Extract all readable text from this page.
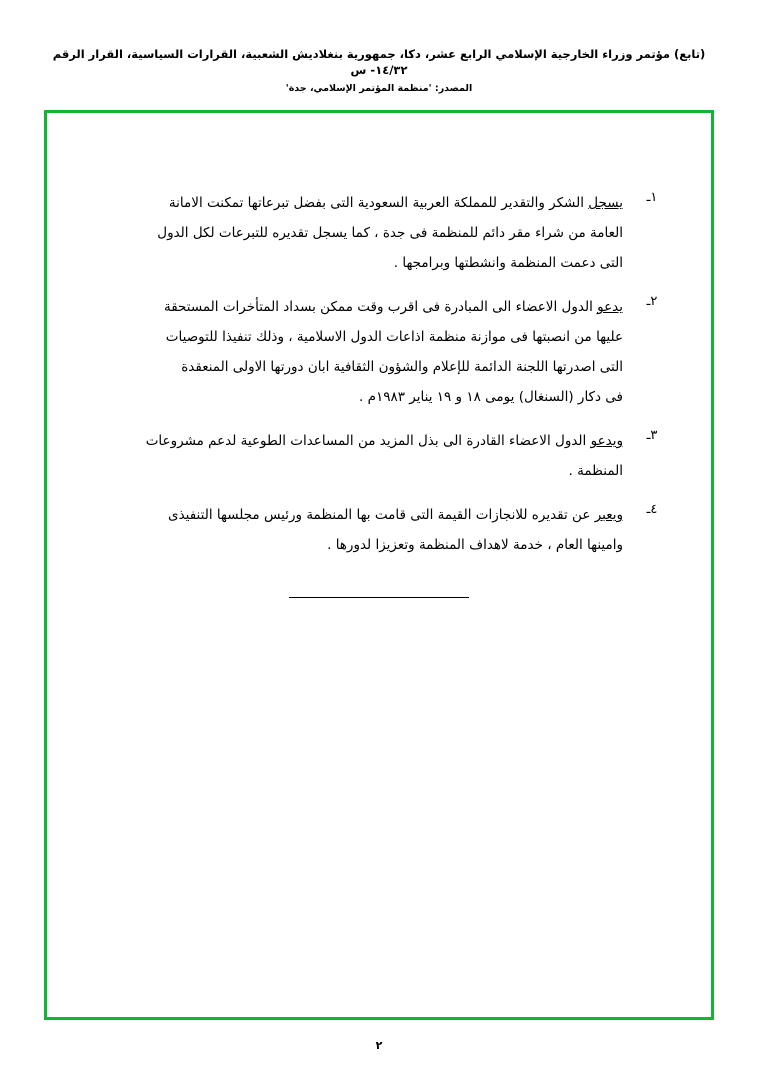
(تابع) مؤتمر وزراء الخارجية الإسلامي الرابع عشر، دكا، جمهورية بنغلاديش الشعبية، القرارات السياسية، القرار الرقم ١٤/٣٢- س
المصدر: 'منظمة المؤتمر الإسلامي، جدة'
١ـ
يسجل الشكر والتقدير للمملكة العربية السعودية التى بفضل تبرعاتها تمكنت الامانة
العامة من شراء مقر دائم للمنظمة فى جدة ، كما يسجل تقديره للتبرعات لكل الدول
التى دعمت المنظمة وانشطتها وبرامجها .
٢ـ
يدعو الدول الاعضاء الى المبادرة فى اقرب وقت ممكن بسداد المتأخرات المستحقة
عليها من انصبتها فى موازنة منظمة اذاعات الدول الاسلامية ، وذلك تنفيذا للتوصيات
التى اصدرتها اللجنة الدائمة للإعلام والشؤون الثقافية ابان دورتها الاولى المنعقدة
فى دكار (السنغال) يومى ١٨ و ١٩ يناير ١٩٨٣م .
٣ـ
ويدعو الدول الاعضاء القادرة الى بذل المزيد من المساعدات الطوعية لدعم مشروعات
المنظمة .
٤ـ
ويعبر عن تقديره للانجازات القيمة التى قامت بها المنظمة ورئيس مجلسها التنفيذى
وامينها العام ، خدمة لاهداف المنظمة وتعزيزا لدورها .
٢
